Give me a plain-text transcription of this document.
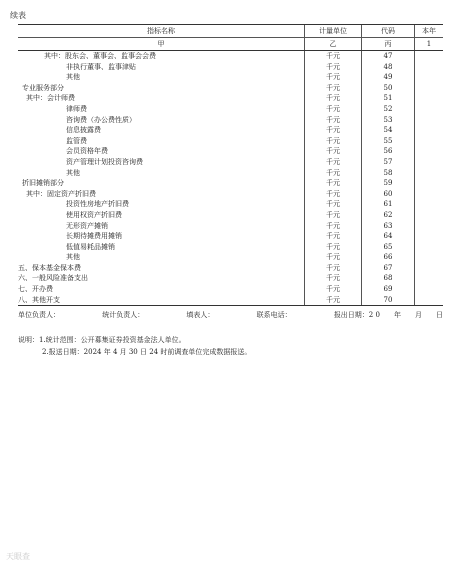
续表
指标名称	计量单位	代码	本年
甲	乙	丙	1
其中：股东会、董事会、监事会会费	千元	47	
非执行董事、监事津贴	千元	48	
其他	千元	49	
专业服务部分	千元	50	
其中：会计师费	千元	51	
律师费	千元	52	
咨询费（办公费性质）	千元	53	
信息披露费	千元	54	
监管费	千元	55	
会员资格年费	千元	56	
资产管理计划投资咨询费	千元	57	
其他	千元	58	
折旧摊销部分	千元	59	
其中：固定资产折旧费	千元	60	
投资性房地产折旧费	千元	61	
使用权资产折旧费	千元	62	
无形资产摊销	千元	63	
长期待摊费用摊销	千元	64	
低值易耗品摊销	千元	65	
其他	千元	66	
五、保本基金保本费	千元	67	
六、一般风险准备支出	千元	68	
七、开办费	千元	69	
八、其他开支	千元	70	
单位负责人：	统计负责人：	填表人：	联系电话：	报出日期：2 0　　年　　月　　日
说明：1.统计范围：公开募集证券投资基金法人单位。
2.报送日期：2024 年 4 月 30 日 24 时前调查单位完成数据报送。
天眼查
